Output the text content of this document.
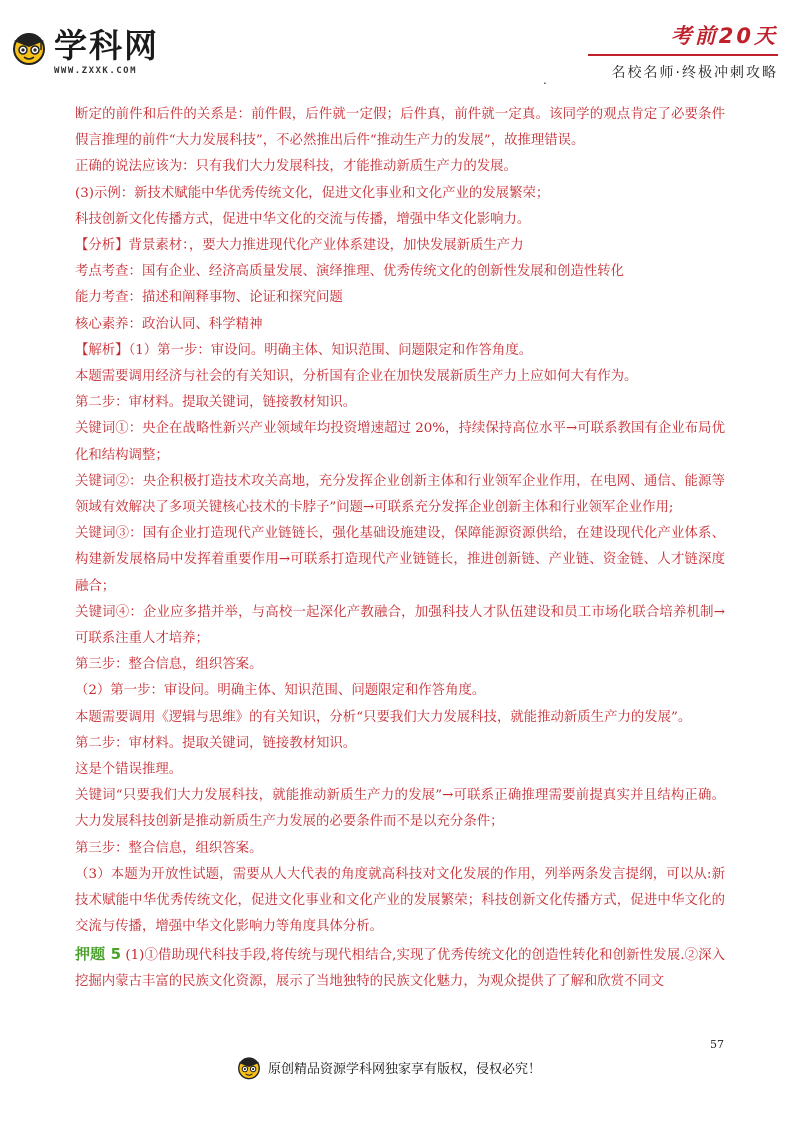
学科网
WWW.ZXXK.COM
考前20天
名校名师·终极冲刺攻略
.

断定的前件和后件的关系是：前件假，后件就一定假；后件真，前件就一定真。该同学的观点肯定了必要条件假言推理的前件“大力发展科技”，不必然推出后件“推动生产力的发展”，故推理错误。

正确的说法应该为：只有我们大力发展科技，才能推动新质生产力的发展。

(3)示例：新技术赋能中华优秀传统文化，促进文化事业和文化产业的发展繁荣；

科技创新文化传播方式，促进中华文化的交流与传播，增强中华文化影响力。

【分析】背景素材：，要大力推进现代化产业体系建设，加快发展新质生产力

考点考查：国有企业、经济高质量发展、演绎推理、优秀传统文化的创新性发展和创造性转化

能力考查：描述和阐释事物、论证和探究问题

核心素养：政治认同、科学精神

【解析】（1）第一步：审设问。明确主体、知识范围、问题限定和作答角度。

本题需要调用经济与社会的有关知识，分析国有企业在加快发展新质生产力上应如何大有作为。

第二步：审材料。提取关键词，链接教材知识。

关键词①：央企在战略性新兴产业领域年均投资增速超过 20%，持续保持高位水平→可联系教国有企业布局优化和结构调整；

关键词②：央企积极打造技术攻关高地，充分发挥企业创新主体和行业领军企业作用，在电网、通信、能源等领域有效解决了多项关键核心技术的卡脖子”问题→可联系充分发挥企业创新主体和行业领军企业作用;

关键词③：国有企业打造现代产业链链长，强化基础设施建设，保障能源资源供给，在建设现代化产业体系、构建新发展格局中发挥着重要作用→可联系打造现代产业链链长，推进创新链、产业链、资金链、人才链深度融合；

关键词④：企业应多措并举，与高校一起深化产教融合，加强科技人才队伍建设和员工市场化联合培养机制→可联系注重人才培养；

第三步：整合信息，组织答案。

（2）第一步：审设问。明确主体、知识范围、问题限定和作答角度。

本题需要调用《逻辑与思维》的有关知识，分析“只要我们大力发展科技，就能推动新质生产力的发展”。

第二步：审材料。提取关键词，链接教材知识。

这是个错误推理。

关键词“只要我们大力发展科技，就能推动新质生产力的发展”→可联系正确推理需要前提真实并且结构正确。大力发展科技创新是推动新质生产力发展的必要条件而不是以充分条件；

第三步：整合信息，组织答案。

（3）本题为开放性试题，需要从人大代表的角度就高科技对文化发展的作用，列举两条发言提纲，可以从:新技术赋能中华优秀传统文化，促进文化事业和文化产业的发展繁荣；科技创新文化传播方式，促进中华文化的交流与传播，增强中华文化影响力等角度具体分析。

押题 5 (1)①借助现代科技手段,将传统与现代相结合,实现了优秀传统文化的创造性转化和创新性发展.②深入挖掘内蒙古丰富的民族文化资源，展示了当地独特的民族文化魅力，为观众提供了了解和欣赏不同文

57
原创精品资源学科网独家享有版权，侵权必究！
